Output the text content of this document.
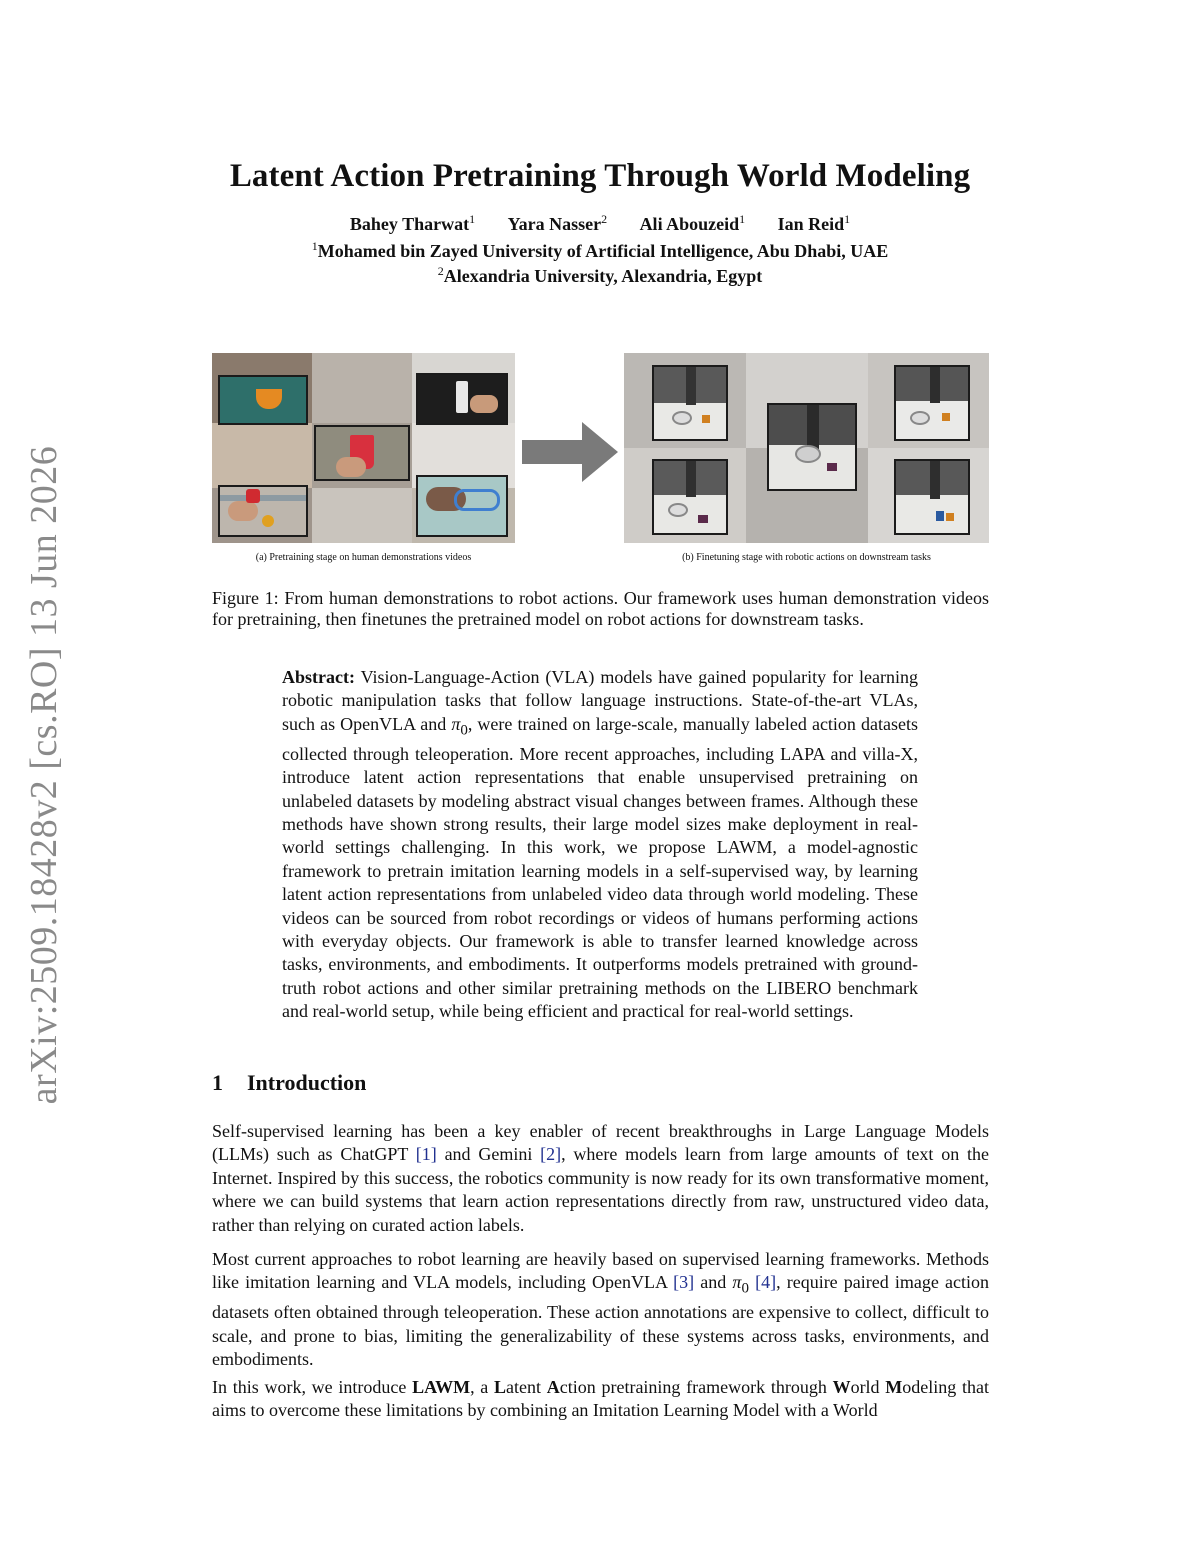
arXiv:2509.18428v2 [cs.RO] 13 Jun 2026
Latent Action Pretraining Through World Modeling
Bahey Tharwat$^1$ Yara Nasser$^2$ Ali Abouzeid$^1$ Ian Reid$^1$
$^1$Mohamed bin Zayed University of Artificial Intelligence, Abu Dhabi, UAE
$^2$Alexandria University, Alexandria, Egypt
(a) Pretraining stage on human demonstrations videos	(b) Finetuning stage with robotic actions on downstream tasks
Figure 1: From human demonstrations to robot actions. Our framework uses human demonstration videos for pretraining, then finetunes the pretrained model on robot actions for downstream tasks.
Abstract: Vision-Language-Action (VLA) models have gained popularity for learning robotic manipulation tasks that follow language instructions. State-of-the-art VLAs, such as OpenVLA and $\pi_0$, were trained on large-scale, manually labeled action datasets collected through teleoperation. More recent approaches, including LAPA and villa-X, introduce latent action representations that enable unsupervised pretraining on unlabeled datasets by modeling abstract visual changes between frames. Although these methods have shown strong results, their large model sizes make deployment in real-world settings challenging. In this work, we propose LAWM, a model-agnostic framework to pretrain imitation learning models in a self-supervised way, by learning latent action representations from unlabeled video data through world modeling. These videos can be sourced from robot recordings or videos of humans performing actions with everyday objects. Our framework is able to transfer learned knowledge across tasks, environments, and embodiments. It outperforms models pretrained with ground-truth robot actions and other similar pretraining methods on the LIBERO benchmark and real-world setup, while being efficient and practical for real-world settings.
1 Introduction

Self-supervised learning has been a key enabler of recent breakthroughs in Large Language Models (LLMs) such as ChatGPT [1] and Gemini [2], where models learn from large amounts of text on the Internet. Inspired by this success, the robotics community is now ready for its own transformative moment, where we can build systems that learn action representations directly from raw, unstructured video data, rather than relying on curated action labels.

Most current approaches to robot learning are heavily based on supervised learning frameworks. Methods like imitation learning and VLA models, including OpenVLA [3] and $\pi_0$ [4], require paired image action datasets often obtained through teleoperation. These action annotations are expensive to collect, difficult to scale, and prone to bias, limiting the generalizability of these systems across tasks, environments, and embodiments.

In this work, we introduce LAWM, a Latent Action pretraining framework through World Modeling that aims to overcome these limitations by combining an Imitation Learning Model with a World
